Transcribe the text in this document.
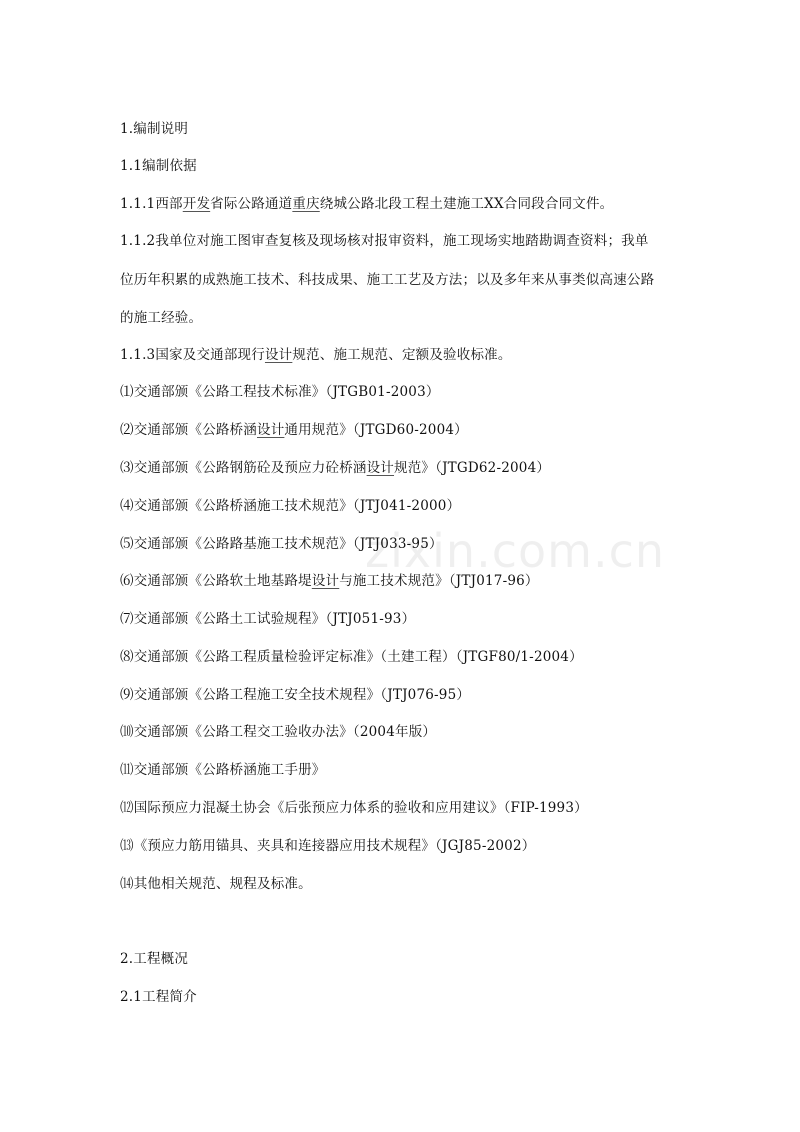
zixin.com.cn
1.编制说明
1.1编制依据
1.1.1西部开发省际公路通道重庆绕城公路北段工程土建施工XX合同段合同文件。
1.1.2我单位对施工图审查复核及现场核对报审资料，施工现场实地踏勘调查资料；我单
位历年积累的成熟施工技术、科技成果、施工工艺及方法；以及多年来从事类似高速公路
的施工经验。
1.1.3国家及交通部现行设计规范、施工规范、定额及验收标准。
⑴交通部颁《公路工程技术标准》（JTGB01-2003）
⑵交通部颁《公路桥涵设计通用规范》（JTGD60-2004）
⑶交通部颁《公路钢筋砼及预应力砼桥涵设计规范》（JTGD62-2004）
⑷交通部颁《公路桥涵施工技术规范》（JTJ041-2000）
⑸交通部颁《公路路基施工技术规范》（JTJ033-95）
⑹交通部颁《公路软土地基路堤设计与施工技术规范》（JTJ017-96）
⑺交通部颁《公路土工试验规程》（JTJ051-93）
⑻交通部颁《公路工程质量检验评定标准》（土建工程）（JTGF80/1-2004）
⑼交通部颁《公路工程施工安全技术规程》（JTJ076-95）
⑽交通部颁《公路工程交工验收办法》（2004年版）
⑾交通部颁《公路桥涵施工手册》
⑿国际预应力混凝土协会《后张预应力体系的验收和应用建议》（FIP-1993）
⒀《预应力筋用锚具、夹具和连接器应用技术规程》（JGJ85-2002）
⒁其他相关规范、规程及标准。
2.工程概况
2.1工程简介
